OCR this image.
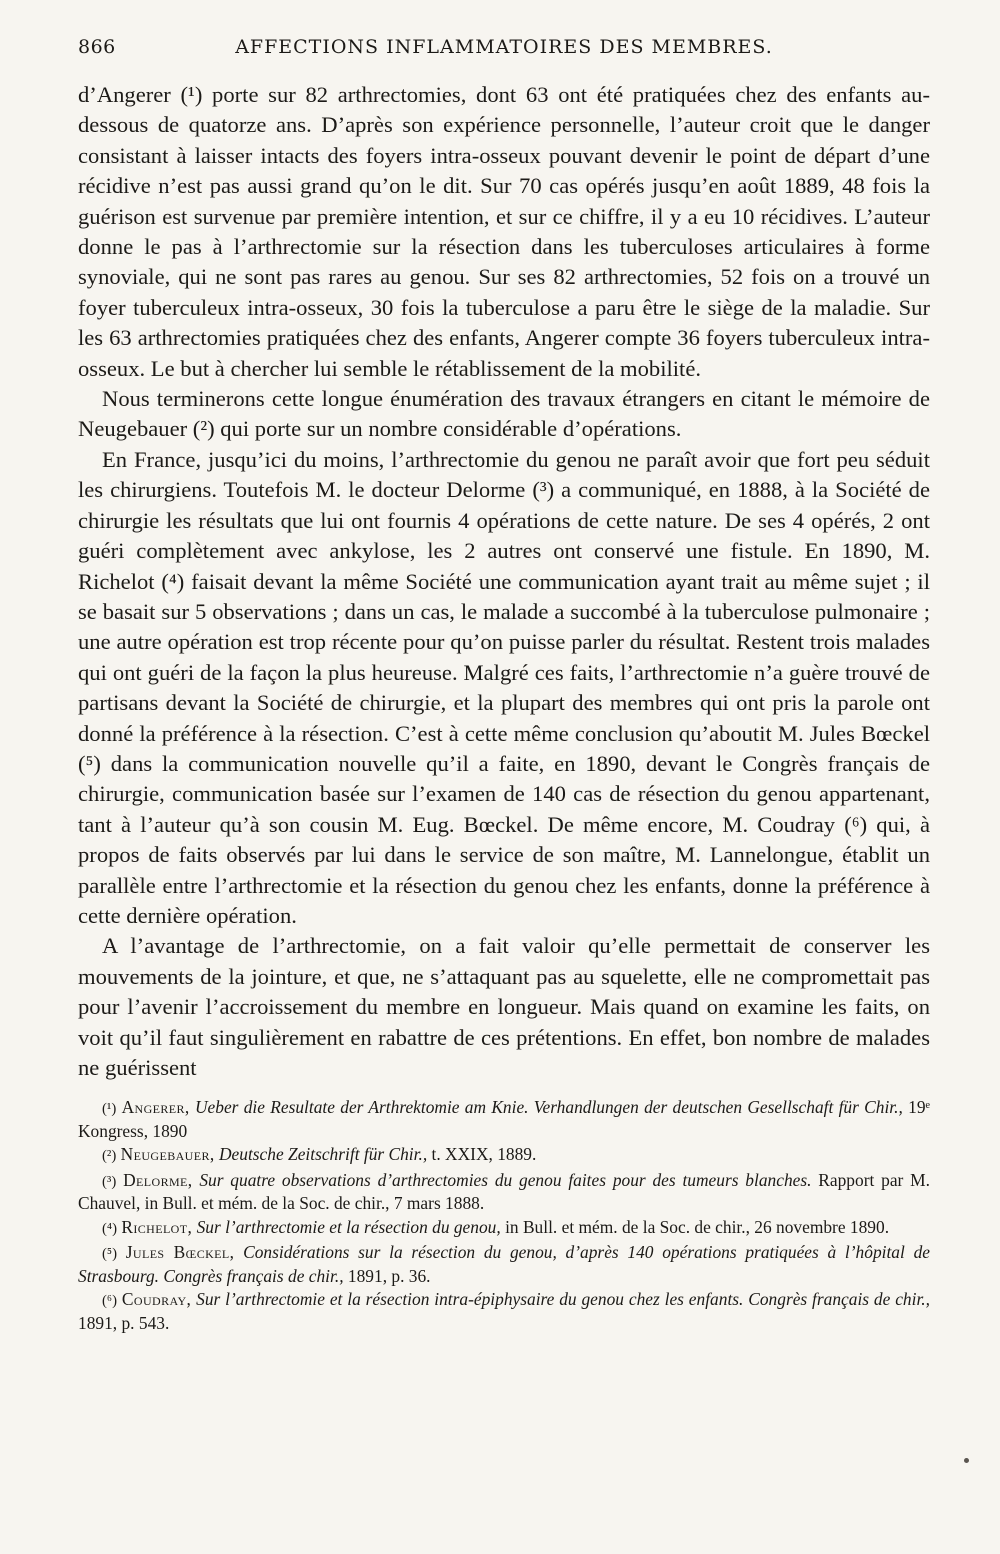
866	AFFECTIONS INFLAMMATOIRES DES MEMBRES.

d’Angerer (¹) porte sur 82 arthrectomies, dont 63 ont été pratiquées chez des enfants au-dessous de quatorze ans. D’après son expérience personnelle, l’auteur croit que le danger consistant à laisser intacts des foyers intra-osseux pouvant devenir le point de départ d’une récidive n’est pas aussi grand qu’on le dit. Sur 70 cas opérés jusqu’en août 1889, 48 fois la guérison est survenue par première intention, et sur ce chiffre, il y a eu 10 récidives. L’auteur donne le pas à l’arthrectomie sur la résection dans les tuberculoses articulaires à forme synoviale, qui ne sont pas rares au genou. Sur ses 82 arthrectomies, 52 fois on a trouvé un foyer tuberculeux intra-osseux, 30 fois la tuberculose a paru être le siège de la maladie. Sur les 63 arthrectomies pratiquées chez des enfants, Angerer compte 36 foyers tuberculeux intra-osseux. Le but à chercher lui semble le rétablissement de la mobilité.

Nous terminerons cette longue énumération des travaux étrangers en citant le mémoire de Neugebauer (²) qui porte sur un nombre considérable d’opérations.

En France, jusqu’ici du moins, l’arthrectomie du genou ne paraît avoir que fort peu séduit les chirurgiens. Toutefois M. le docteur Delorme (³) a communiqué, en 1888, à la Société de chirurgie les résultats que lui ont fournis 4 opérations de cette nature. De ses 4 opérés, 2 ont guéri complètement avec ankylose, les 2 autres ont conservé une fistule. En 1890, M. Richelot (⁴) faisait devant la même Société une communication ayant trait au même sujet ; il se basait sur 5 observations ; dans un cas, le malade a succombé à la tuberculose pulmonaire ; une autre opération est trop récente pour qu’on puisse parler du résultat. Restent trois malades qui ont guéri de la façon la plus heureuse. Malgré ces faits, l’arthrectomie n’a guère trouvé de partisans devant la Société de chirurgie, et la plupart des membres qui ont pris la parole ont donné la préférence à la résection. C’est à cette même conclusion qu’aboutit M. Jules Bœckel (⁵) dans la communication nouvelle qu’il a faite, en 1890, devant le Congrès français de chirurgie, communication basée sur l’examen de 140 cas de résection du genou appartenant, tant à l’auteur qu’à son cousin M. Eug. Bœckel. De même encore, M. Coudray (⁶) qui, à propos de faits observés par lui dans le service de son maître, M. Lannelongue, établit un parallèle entre l’arthrectomie et la résection du genou chez les enfants, donne la préférence à cette dernière opération.

A l’avantage de l’arthrectomie, on a fait valoir qu’elle permettait de conserver les mouvements de la jointure, et que, ne s’attaquant pas au squelette, elle ne compromettait pas pour l’avenir l’accroissement du membre en longueur. Mais quand on examine les faits, on voit qu’il faut singulièrement en rabattre de ces prétentions. En effet, bon nombre de malades ne guérissent

(¹) Angerer, Ueber die Resultate der Arthrektomie am Knie. Verhandlungen der deutschen Gesellschaft für Chir., 19ᵉ Kongress, 1890

(²) Neugebauer, Deutsche Zeitschrift für Chir., t. XXIX, 1889.

(³) Delorme, Sur quatre observations d’arthrectomies du genou faites pour des tumeurs blanches. Rapport par M. Chauvel, in Bull. et mém. de la Soc. de chir., 7 mars 1888.

(⁴) Richelot, Sur l’arthrectomie et la résection du genou, in Bull. et mém. de la Soc. de chir., 26 novembre 1890.

(⁵) Jules Bœckel, Considérations sur la résection du genou, d’après 140 opérations pratiquées à l’hôpital de Strasbourg. Congrès français de chir., 1891, p. 36.

(⁶) Coudray, Sur l’arthrectomie et la résection intra-épiphysaire du genou chez les enfants. Congrès français de chir., 1891, p. 543.
